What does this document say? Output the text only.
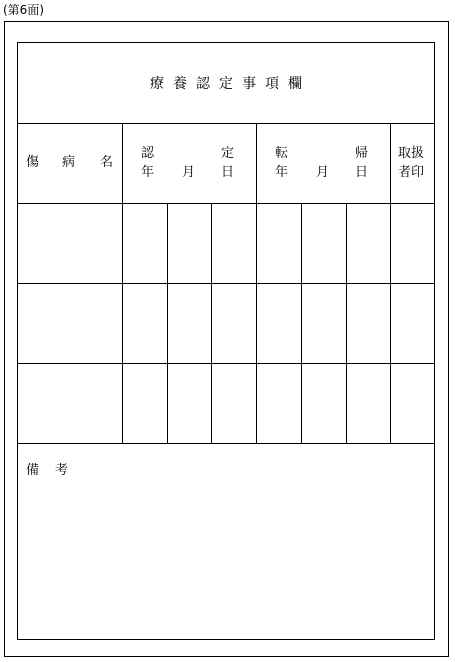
(第6面)
療養認定事項欄
傷 病 名
認	定
年 月 日
転	帰
年 月 日
取扱
者印
備 考
